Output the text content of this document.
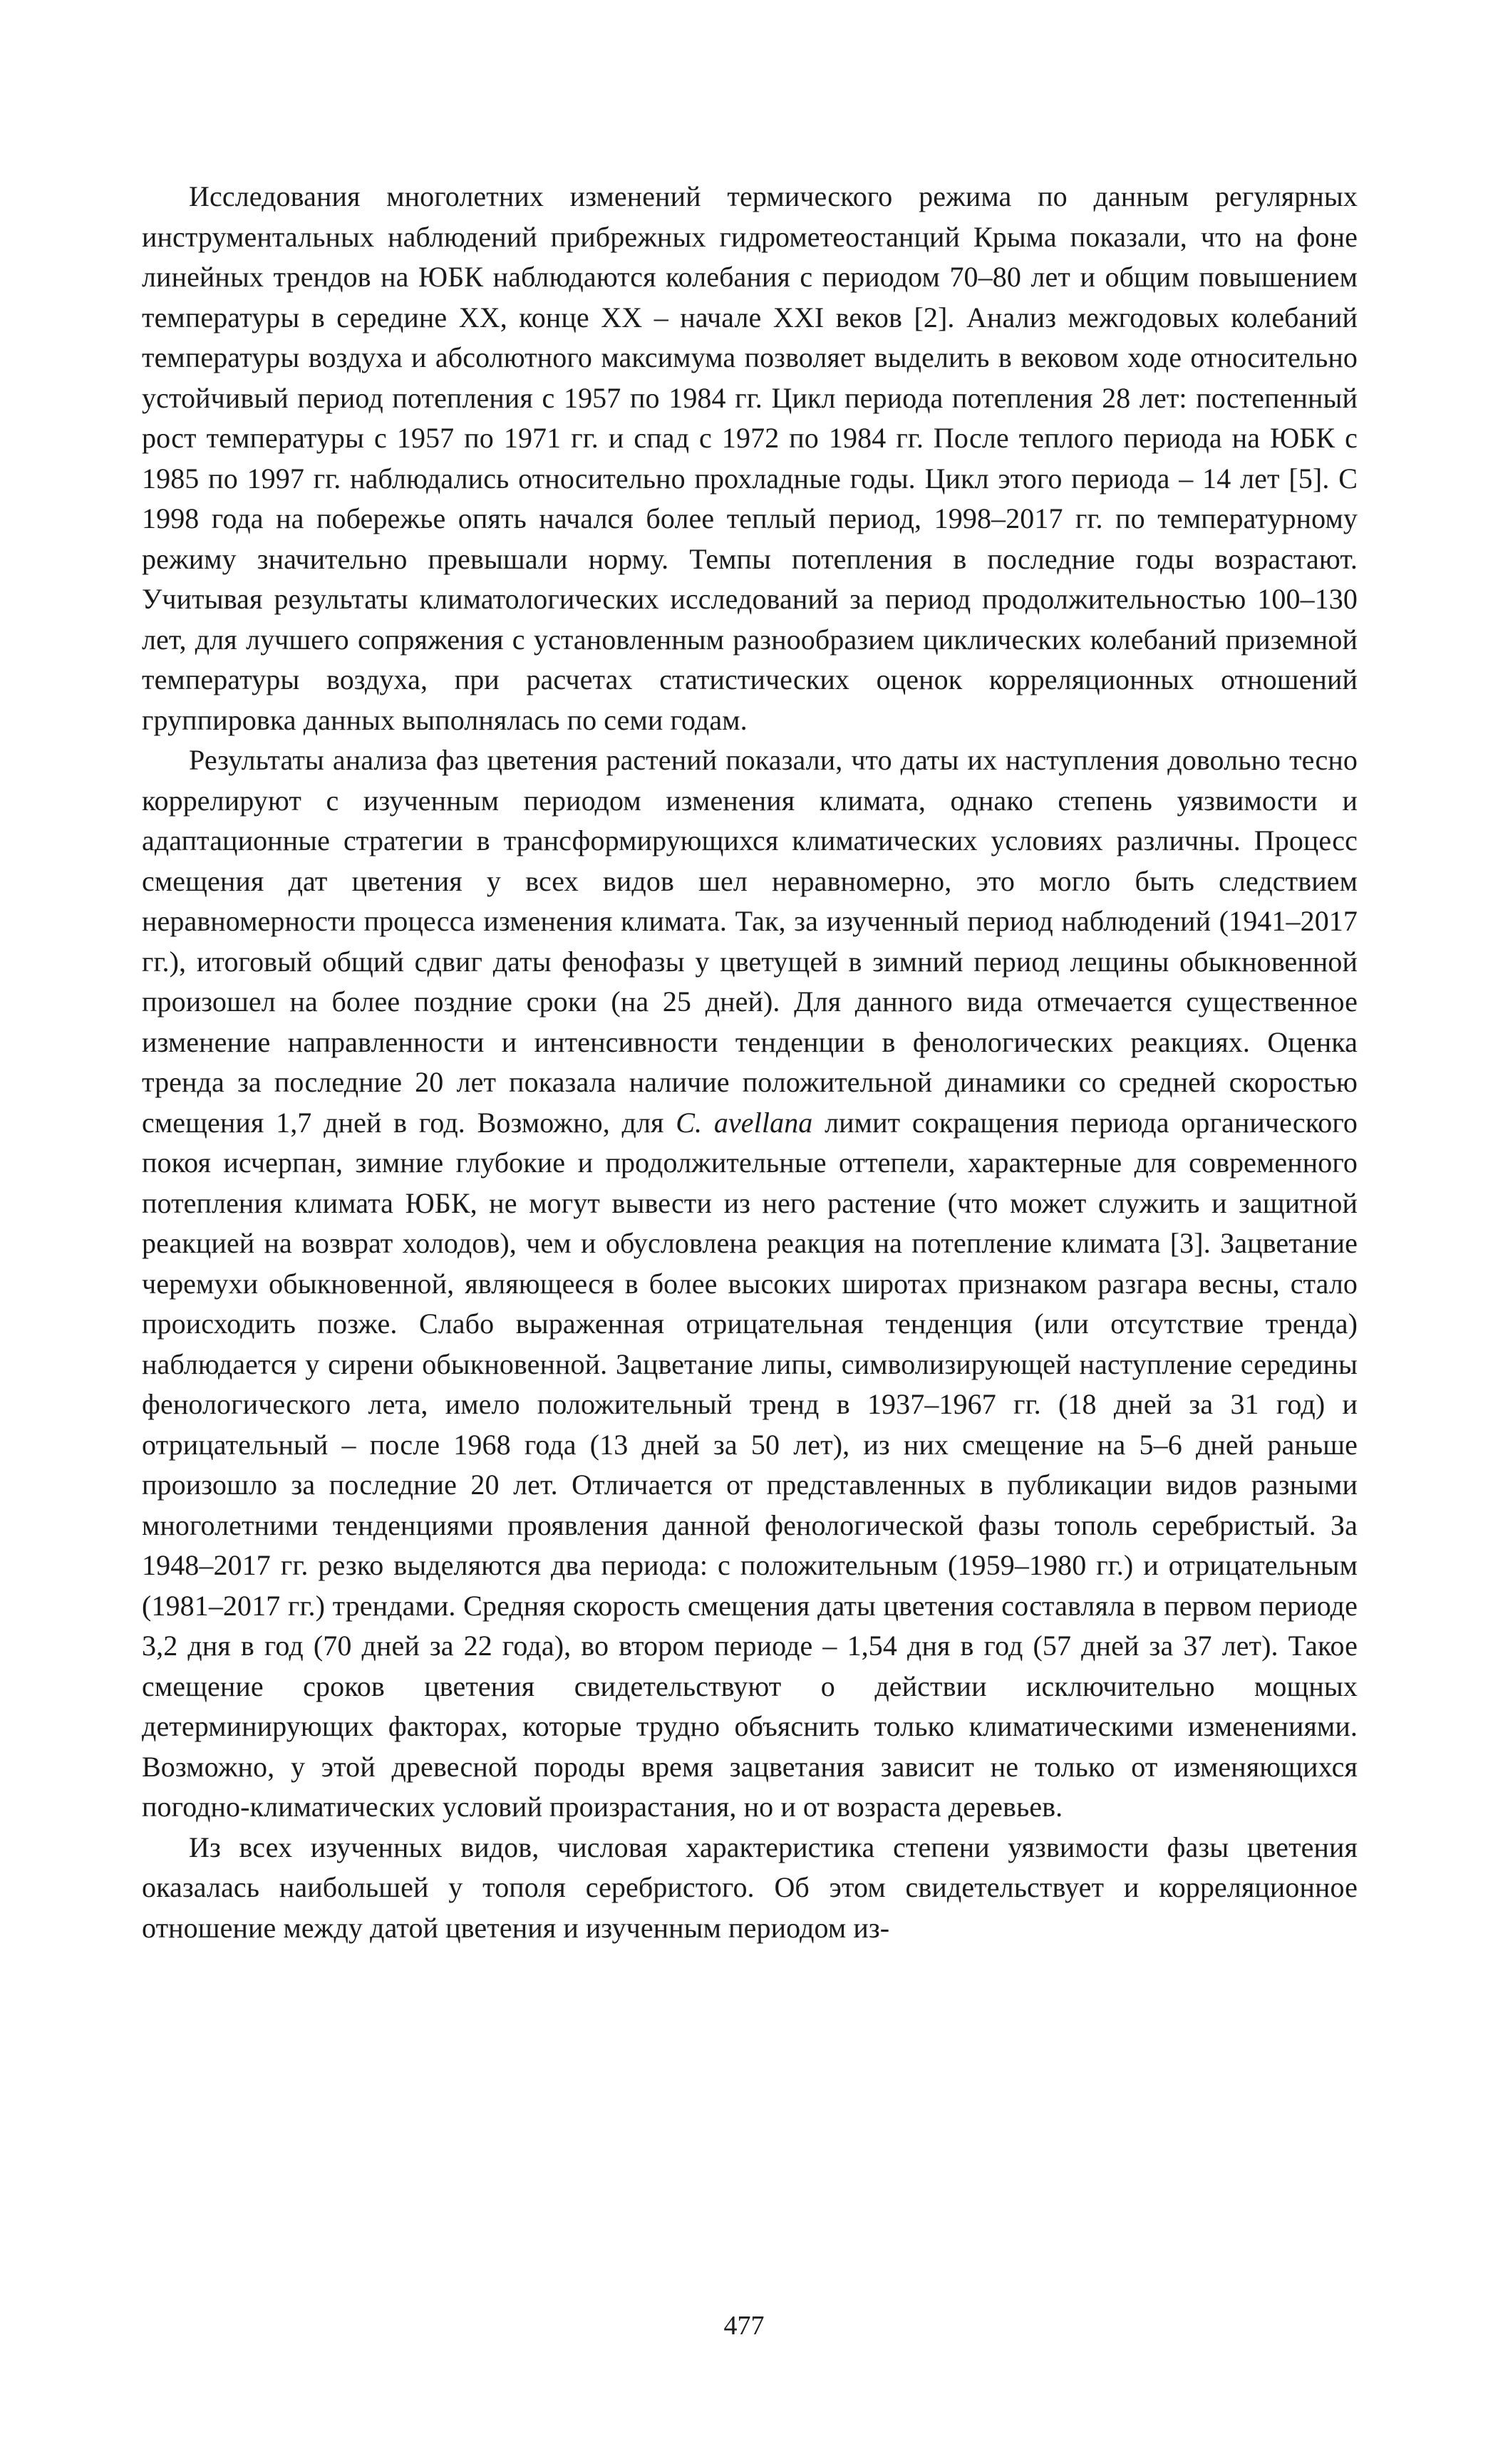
Исследования многолетних изменений термического режима по данным регулярных инструментальных наблюдений прибрежных гидрометеостанций Крыма показали, что на фоне линейных трендов на ЮБК наблюдаются колебания с периодом 70–80 лет и общим повышением температуры в середине XX, конце XX – начале XXI веков [2]. Анализ межгодовых колебаний температуры воздуха и абсолютного максимума позволяет выделить в вековом ходе относительно устойчивый период потепления с 1957 по 1984 гг. Цикл периода потепления 28 лет: постепенный рост температуры с 1957 по 1971 гг. и спад с 1972 по 1984 гг. После теплого периода на ЮБК с 1985 по 1997 гг. наблюдались относительно прохладные годы. Цикл этого периода – 14 лет [5]. С 1998 года на побережье опять начался более теплый период, 1998–2017 гг. по температурному режиму значительно превышали норму. Темпы потепления в последние годы возрастают. Учитывая результаты климатологических исследований за период продолжительностью 100–130 лет, для лучшего сопряжения с установленным разнообразием циклических колебаний приземной температуры воздуха, при расчетах статистических оценок корреляционных отношений группировка данных выполнялась по семи годам.

Результаты анализа фаз цветения растений показали, что даты их наступления довольно тесно коррелируют с изученным периодом изменения климата, однако степень уязвимости и адаптационные стратегии в трансформирующихся климатических условиях различны. Процесс смещения дат цветения у всех видов шел неравномерно, это могло быть следствием неравномерности процесса изменения климата. Так, за изученный период наблюдений (1941–2017 гг.), итоговый общий сдвиг даты фенофазы у цветущей в зимний период лещины обыкновенной произошел на более поздние сроки (на 25 дней). Для данного вида отмечается существенное изменение направленности и интенсивности тенденции в фенологических реакциях. Оценка тренда за последние 20 лет показала наличие положительной динамики со средней скоростью смещения 1,7 дней в год. Возможно, для C. avellana лимит сокращения периода органического покоя исчерпан, зимние глубокие и продолжительные оттепели, характерные для современного потепления климата ЮБК, не могут вывести из него растение (что может служить и защитной реакцией на возврат холодов), чем и обусловлена реакция на потепление климата [3]. Зацветание черемухи обыкновенной, являющееся в более высоких широтах признаком разгара весны, стало происходить позже. Слабо выраженная отрицательная тенденция (или отсутствие тренда) наблюдается у сирени обыкновенной. Зацветание липы, символизирующей наступление середины фенологического лета, имело положительный тренд в 1937–1967 гг. (18 дней за 31 год) и отрицательный – после 1968 года (13 дней за 50 лет), из них смещение на 5–6 дней раньше произошло за последние 20 лет. Отличается от представленных в публикации видов разными многолетними тенденциями проявления данной фенологической фазы тополь серебристый. За 1948–2017 гг. резко выделяются два периода: с положительным (1959–1980 гг.) и отрицательным (1981–2017 гг.) трендами. Средняя скорость смещения даты цветения составляла в первом периоде 3,2 дня в год (70 дней за 22 года), во втором периоде – 1,54 дня в год (57 дней за 37 лет). Такое смещение сроков цветения свидетельствуют о действии исключительно мощных детерминирующих факторах, которые трудно объяснить только климатическими изменениями. Возможно, у этой древесной породы время зацветания зависит не только от изменяющихся погодно-климатических условий произрастания, но и от возраста деревьев.

Из всех изученных видов, числовая характеристика степени уязвимости фазы цветения оказалась наибольшей у тополя серебристого. Об этом свидетельствует и корреляционное отношение между датой цветения и изученным периодом из-

477
